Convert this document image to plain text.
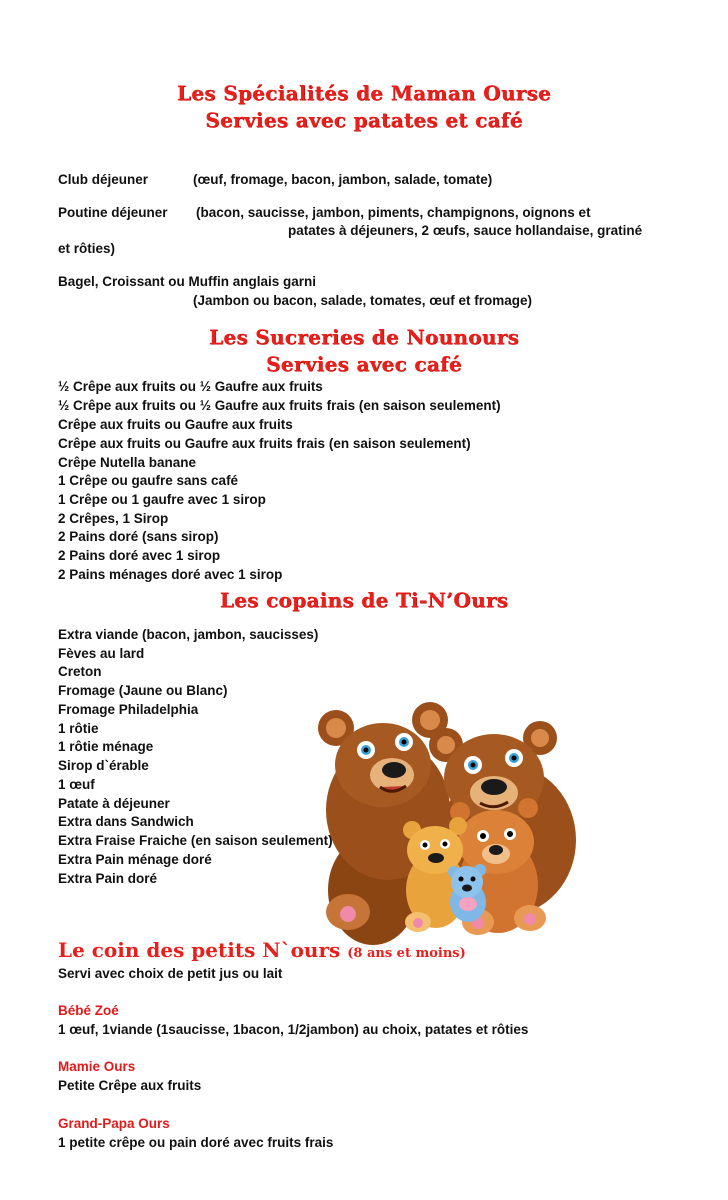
Les Spécialités de Maman Ourse
Servies avec patates et café
Club déjeuner	(œuf, fromage, bacon, jambon, salade, tomate)
Poutine déjeuner (bacon, saucisse, jambon, piments, champignons, oignons et
patates à déjeuners, 2 œufs, sauce hollandaise, gratiné
et rôties)
Bagel, Croissant ou Muffin anglais garni
(Jambon ou bacon, salade, tomates, œuf et fromage)
Les Sucreries de Nounours
Servies avec café
½ Crêpe aux fruits ou ½ Gaufre aux fruits
½ Crêpe aux fruits ou ½ Gaufre aux fruits frais (en saison seulement)
Crêpe aux fruits ou Gaufre aux fruits
Crêpe aux fruits ou Gaufre aux fruits frais (en saison seulement)
Crêpe Nutella banane
1 Crêpe ou gaufre sans café
1 Crêpe ou 1 gaufre avec 1 sirop
2 Crêpes, 1 Sirop
2 Pains doré (sans sirop)
2 Pains doré avec 1 sirop
2 Pains ménages doré avec 1 sirop
Les copains de Ti-N’Ours
Extra viande (bacon, jambon, saucisses)
Fèves au lard
Creton
Fromage (Jaune ou Blanc)
Fromage Philadelphia
1 rôtie
1 rôtie ménage
Sirop d`érable
1 œuf
Patate à déjeuner
Extra dans Sandwich
Extra Fraise Fraiche (en saison seulement)
Extra Pain ménage doré
Extra Pain doré
Le coin des petits N`ours (8 ans et moins)
Servi avec choix de petit jus ou lait
Bébé Zoé
1 œuf, 1viande (1saucisse, 1bacon, 1/2jambon) au choix, patates et rôties
Mamie Ours
Petite Crêpe aux fruits
Grand-Papa Ours
1 petite crêpe ou pain doré avec fruits frais
